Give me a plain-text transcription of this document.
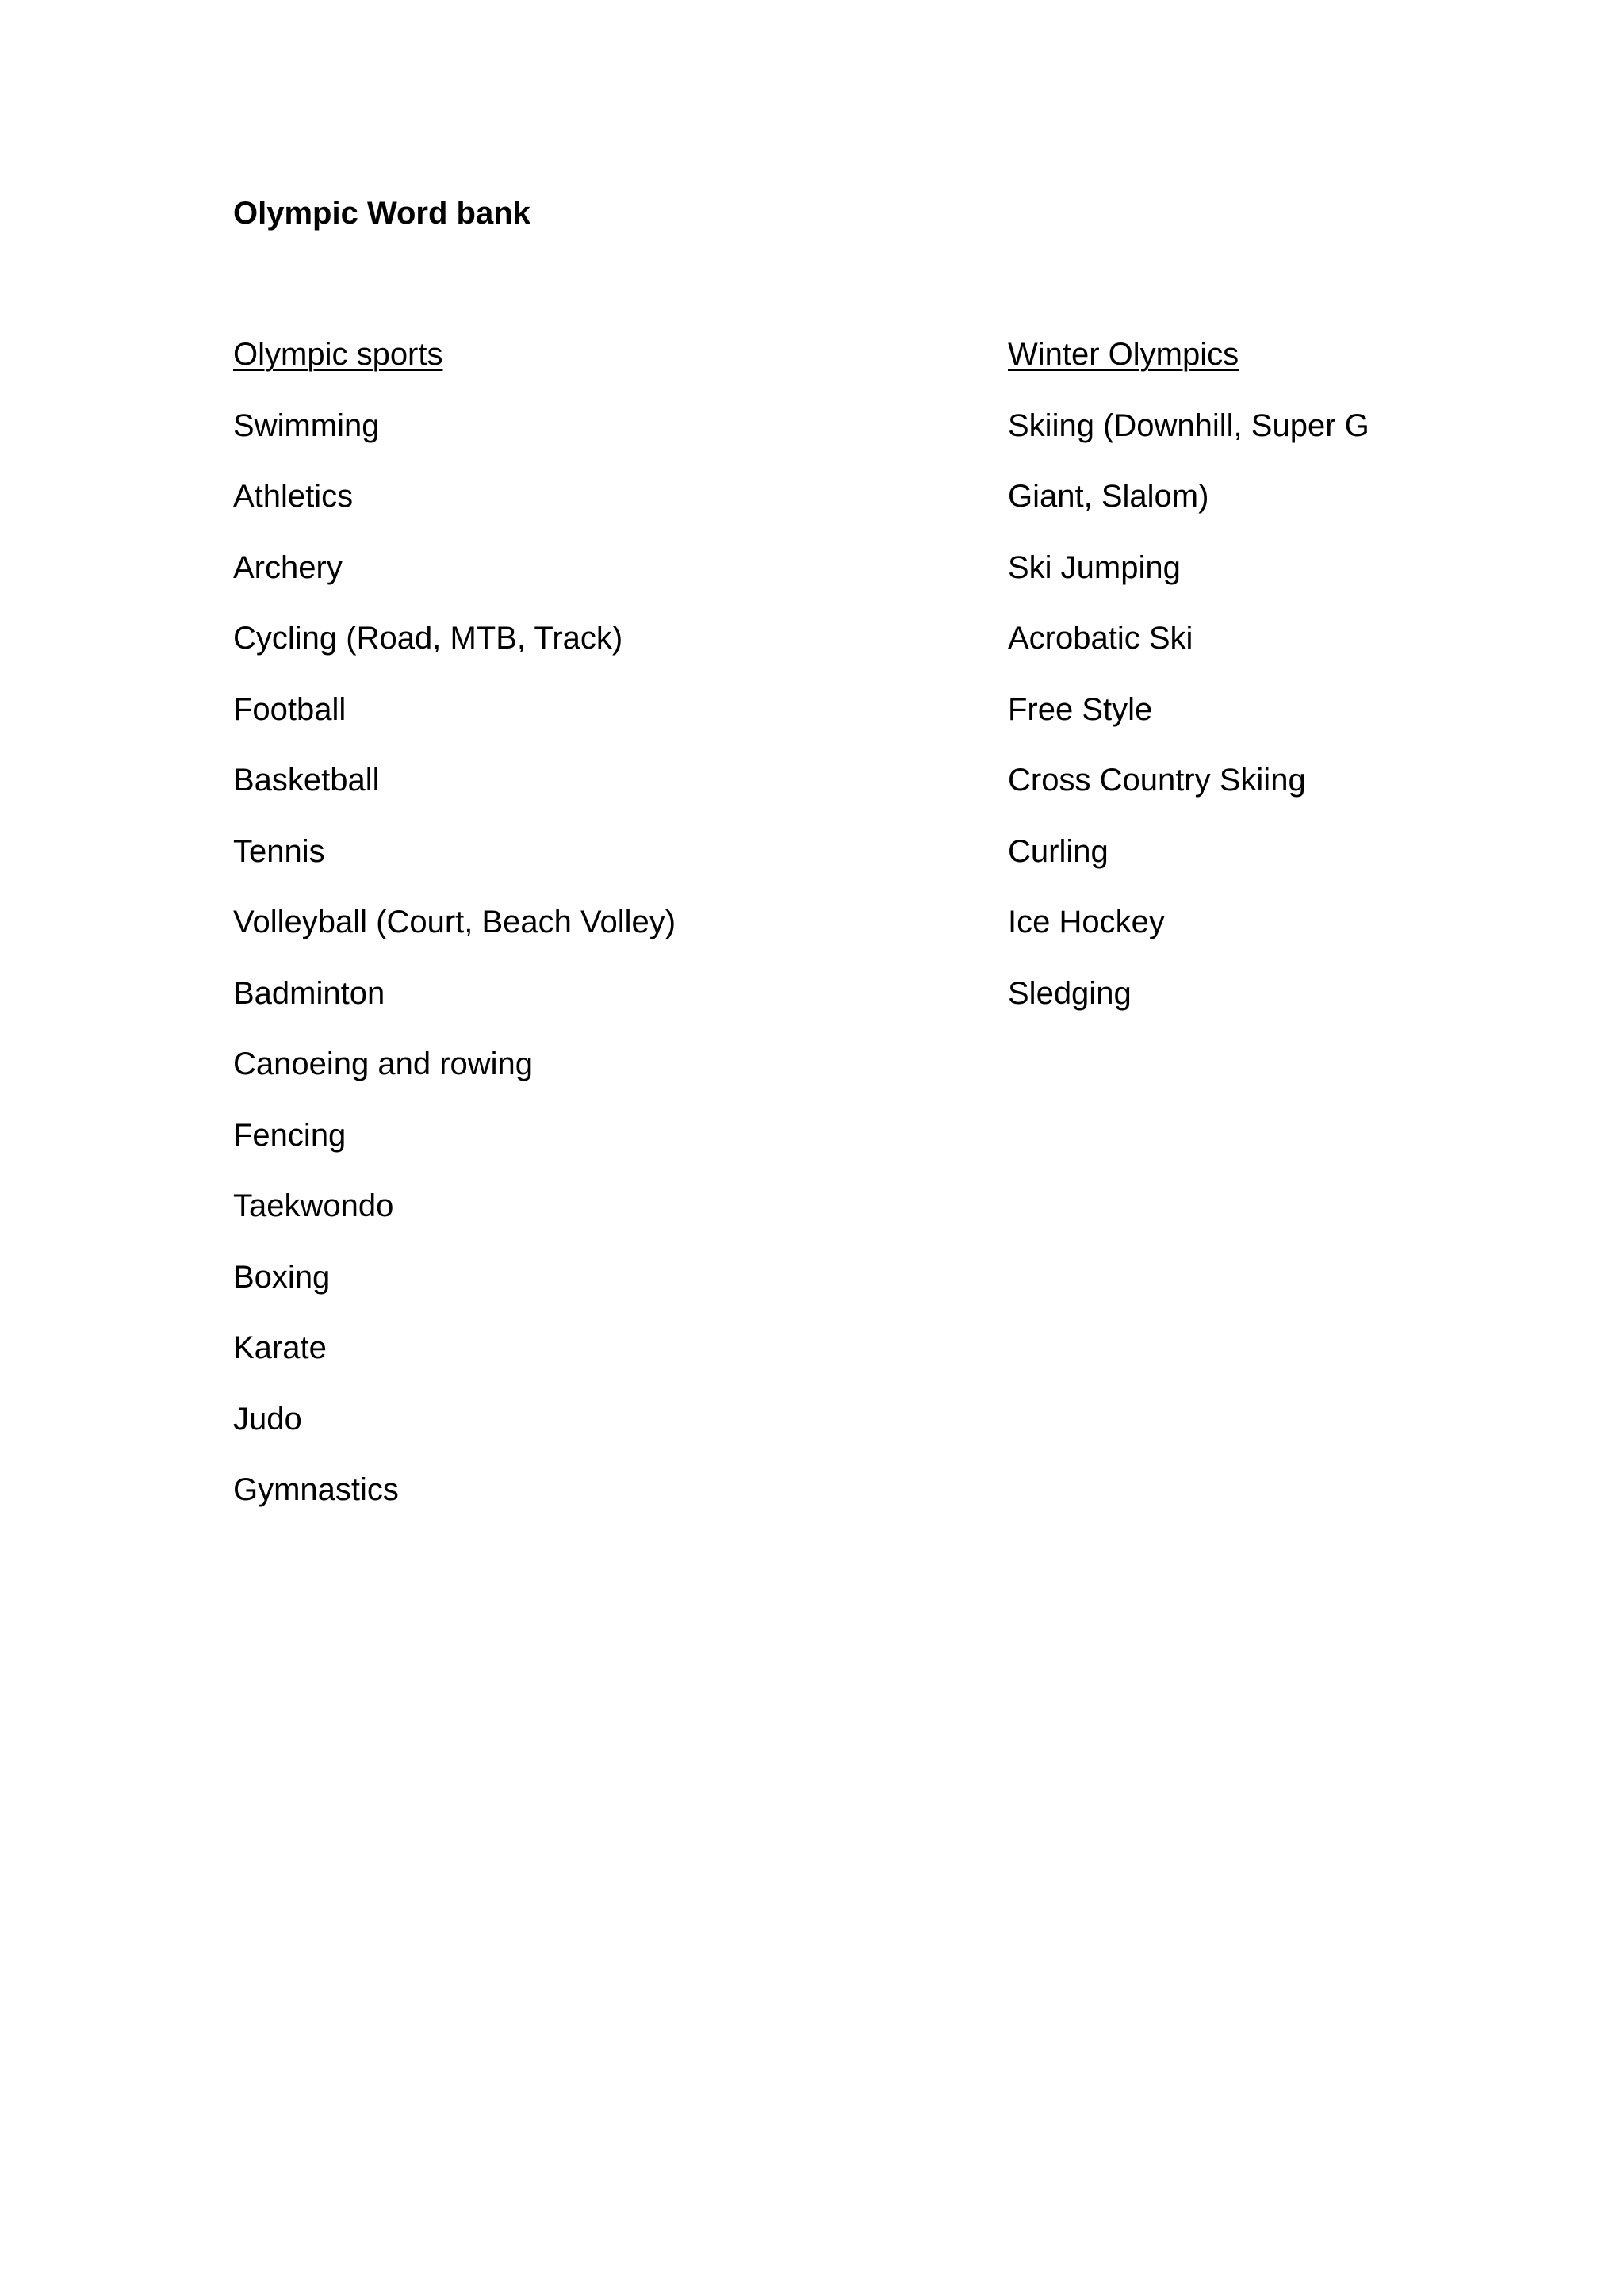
Olympic Word bank
Olympic sports
Swimming
Athletics
Archery
Cycling (Road, MTB, Track)
Football
Basketball
Tennis
Volleyball (Court, Beach Volley)
Badminton
Canoeing and rowing
Fencing
Taekwondo
Boxing
Karate
Judo
Gymnastics
Winter Olympics
Skiing (Downhill, Super G
Giant, Slalom)
Ski Jumping
Acrobatic Ski
Free Style
Cross Country Skiing
Curling
Ice Hockey
Sledging
